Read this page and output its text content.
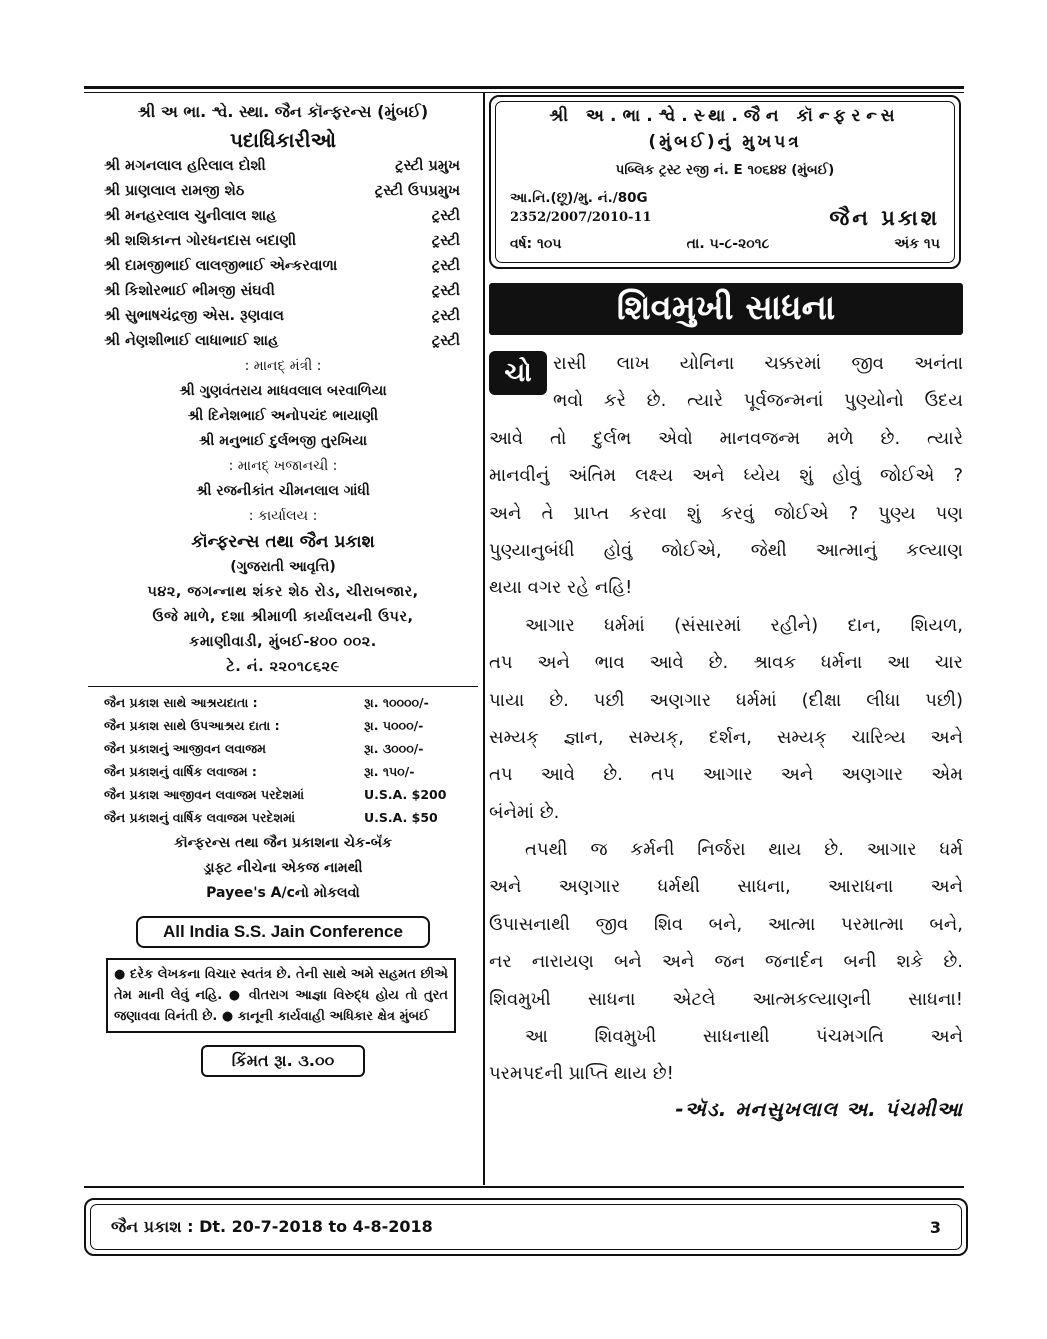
શ્રી અ ભા. શ્વે. સ્થા. જૈન કૉન્ફરન્સ (મુંબઈ)
પદાધિકારીઓ
શ્રી મગનલાલ હરિલાલ દોશી	ટ્રસ્ટી પ્રમુખ
શ્રી પ્રાણલાલ રામજી શેઠ	ટ્રસ્ટી ઉપપ્રમુખ
શ્રી મનહરલાલ ચુનીલાલ શાહ	ટ્રસ્ટી
શ્રી શશિકાન્ત ગોરધનદાસ બદાણી	ટ્રસ્ટી
શ્રી દામજીભાઈ લાલજીભાઈ એન્કરવાળા	ટ્રસ્ટી
શ્રી કિશોરભાઈ ભીમજી સંઘવી	ટ્રસ્ટી
શ્રી સુભાષચંદ્રજી એસ. રૂણવાલ	ટ્રસ્ટી
શ્રી નેણશીભાઈ લાધાભાઈ શાહ	ટ્રસ્ટી
: માનદ્ મંત્રી :
શ્રી ગુણવંતરાય માધવલાલ બરવાળિયા
શ્રી દિનેશભાઈ અનોપચંદ ભાયાણી
શ્રી મનુભાઈ દુર્લભજી તુરખિયા
: માનદ્ ખજાનચી :
શ્રી રજનીકાંત ચીમનલાલ ગાંધી
: કાર્યાલય :
કૉન્ફરન્સ તથા જૈન પ્રકાશ
(ગુજરાતી આવૃત્તિ)
૫૪૨, જગન્નાથ શંકર શેઠ રોડ, ચીરાબજાર,
ઉજે માળે, દશા શ્રીમાળી કાર્યાલયની ઉપર,
કમાણીવાડી, મુંબઈ-૪૦૦ ૦૦૨.
ટે. નં. ૨૨૦૧૮૬૨૯
જૈન પ્રકાશ સાથે આશ્રયદાતા :	રૂા. ૧૦૦૦૦/-
જૈન પ્રકાશ સાથે ઉપઆશ્રય દાતા :	રૂા. ૫૦૦૦/-
જૈન પ્રકાશનું આજીવન લવાજમ	રૂા. ૩૦૦૦/-
જૈન પ્રકાશનું વાર્ષિક લવાજમ :	રૂા. ૧૫૦/-
જૈન પ્રકાશ આજીવન લવાજમ પરદેશમાં	U.S.A. $200
જૈન પ્રકાશનું વાર્ષિક લવાજમ પરદેશમાં	U.S.A. $50
કૉન્ફરન્સ તથા જૈન પ્રકાશના ચેક-બૅંક
ડ્રાફ્ટ નીચેના એકજ નામથી
Payee's A/cનો મોકલવો
All India S.S. Jain Conference
● દરેક લેખકના વિચાર સ્વતંત્ર છે. તેની સાથે અમે સહમત છીએ તેમ માની લેવું નહિ. ● વીતરાગ આજ્ઞા વિરુદ્ધ હોય તો તુરત જણાવવા વિનંતી છે. ● કાનૂની કાર્યવાહી અધિકાર ક્ષેત્ર મુંબઈ
કિંમત રૂા. ૩.૦૦
શ્રી અ.ભા.શ્વે.સ્થા.જૈન કૉન્ફરન્સ
(મુંબઈ)નું મુખપત્ર
પબ્લિક ટ્રસ્ટ રજી નં. E ૧૦૬૪૪ (મુંબઈ)
આ.નિ.(છૂ)/મુ. નં./80G
2352/2007/2010-11	જૈન પ્રકાશ
વર્ષ: ૧૦૫	તા. ૫-૮-૨૦૧૮	અંક ૧૫
શિવમુખી સાધના
ચો	રાસી લાખ યોનિના ચક્કરમાં જીવ અનંતા
ભવો કરે છે. ત્યારે પૂર્વજન્મનાં પુણ્યોનો ઉદય
આવે તો દુર્લભ એવો માનવજન્મ મળે છે. ત્યારે
માનવીનું અંતિમ લક્ષ્ય અને ધ્યેય શું હોવું જોઈએ ?
અને તે પ્રાપ્ત કરવા શું કરવું જોઈએ ? પુણ્ય પણ
પુણ્યાનુબંધી હોવું જોઈએ, જેથી આત્માનું કલ્યાણ
થયા વગર રહે નહિ!
આગાર ધર્મમાં (સંસારમાં રહીને) દાન, શિયળ,
તપ અને ભાવ આવે છે. શ્રાવક ધર્મના આ ચાર
પાયા છે. પછી અણગાર ધર્મમાં (દીક્ષા લીધા પછી)
સમ્યક્ જ્ઞાન, સમ્યક્, દર્શન, સમ્યક્ ચારિત્ર્ય અને
તપ આવે છે. તપ આગાર અને અણગાર એમ
બંનેમાં છે.
તપથી જ કર્મની નિર્જરા થાય છે. આગાર ધર્મ
અને અણગાર ધર્મથી સાધના, આરાધના અને
ઉપાસનાથી જીવ શિવ બને, આત્મા પરમાત્મા બને,
નર નારાયણ બને અને જન જનાર્દન બની શકે છે.
શિવમુખી સાધના એટલે આત્મકલ્યાણની સાધના!
આ શિવમુખી સાધનાથી પંચમગતિ અને
પરમપદની પ્રાપ્તિ થાય છે!
-ઍડ. મનસુખલાલ અ. પંચમીઆ
જૈન પ્રકાશ : Dt. 20-7-2018 to 4-8-2018	3
